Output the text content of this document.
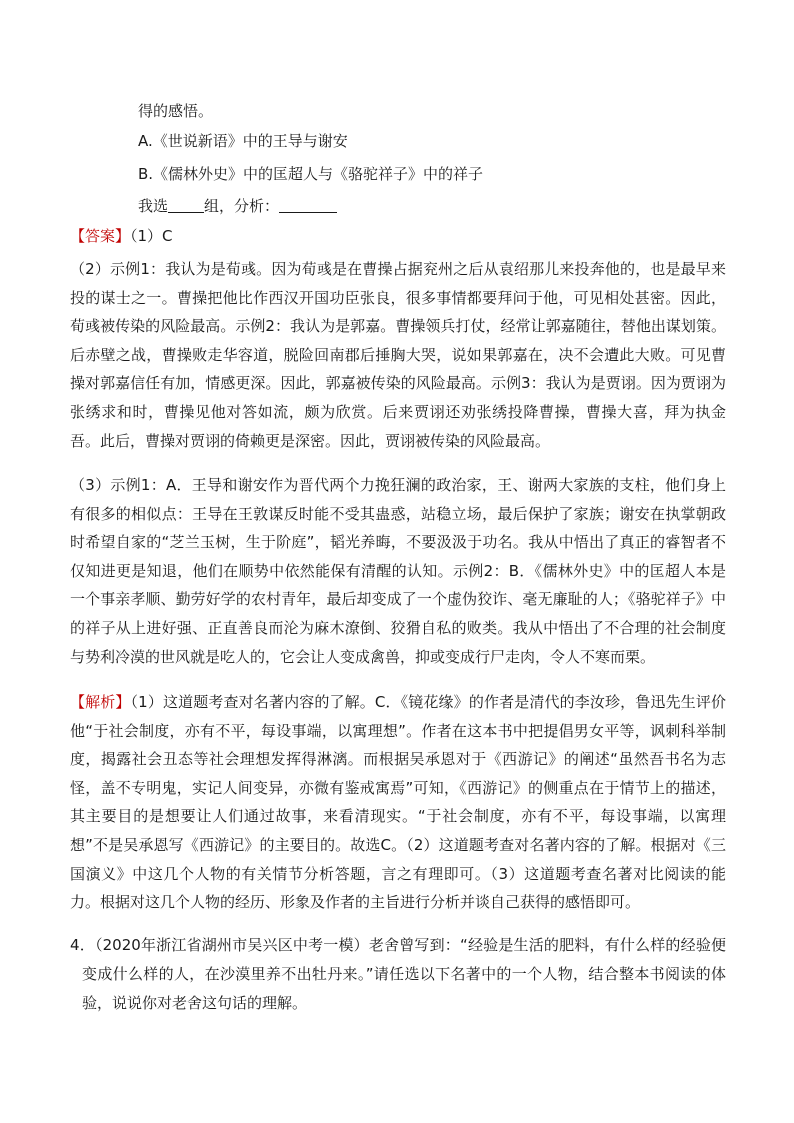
得的感悟。
A.《世说新语》中的王导与谢安
B.《儒林外史》中的匡超人与《骆驼祥子》中的祥子
我选 组，分析：
【答案】（1）C
（2）示例1：我认为是荀彧。因为荀彧是在曹操占据兖州之后从袁绍那儿来投奔他的，也是最早来投的谋士之一。曹操把他比作西汉开国功臣张良，很多事情都要拜问于他，可见相处甚密。因此，荀彧被传染的风险最高。示例2：我认为是郭嘉。曹操领兵打仗，经常让郭嘉随往，替他出谋划策。后赤壁之战，曹操败走华容道，脱险回南郡后捶胸大哭，说如果郭嘉在，决不会遭此大败。可见曹操对郭嘉信任有加，情感更深。因此，郭嘉被传染的风险最高。示例3：我认为是贾诩。因为贾诩为张绣求和时，曹操见他对答如流，颇为欣赏。后来贾诩还劝张绣投降曹操，曹操大喜，拜为执金吾。此后，曹操对贾诩的倚赖更是深密。因此，贾诩被传染的风险最高。
（3）示例1：A．王导和谢安作为晋代两个力挽狂澜的政治家，王、谢两大家族的支柱，他们身上有很多的相似点：王导在王敦谋反时能不受其蛊惑，站稳立场，最后保护了家族；谢安在执掌朝政时希望自家的“芝兰玉树，生于阶庭”，韬光养晦，不要汲汲于功名。我从中悟出了真正的睿智者不仅知进更是知退，他们在顺势中依然能保有清醒的认知。示例2：B．《儒林外史》中的匡超人本是一个事亲孝顺、勤劳好学的农村青年，最后却变成了一个虚伪狡诈、毫无廉耻的人；《骆驼祥子》中的祥子从上进好强、正直善良而沦为麻木潦倒、狡猾自私的败类。我从中悟出了不合理的社会制度与势利冷漠的世风就是吃人的，它会让人变成禽兽，抑或变成行尸走肉，令人不寒而栗。
【解析】（1）这道题考查对名著内容的了解。C．《镜花缘》的作者是清代的李汝珍，鲁迅先生评价他“于社会制度，亦有不平，每设事端，以寓理想”。作者在这本书中把提倡男女平等，讽刺科举制度，揭露社会丑态等社会理想发挥得淋漓。而根据吴承恩对于《西游记》的阐述“虽然吾书名为志怪，盖不专明鬼，实记人间变异，亦微有鉴戒寓焉”可知，《西游记》的侧重点在于情节上的描述，其主要目的是想要让人们通过故事，来看清现实。“于社会制度，亦有不平，每设事端，以寓理想”不是吴承恩写《西游记》的主要目的。故选C。（2）这道题考查对名著内容的了解。根据对《三国演义》中这几个人物的有关情节分析答题，言之有理即可。（3）这道题考查名著对比阅读的能力。根据对这几个人物的经历、形象及作者的主旨进行分析并谈自己获得的感悟即可。
4．（2020年浙江省湖州市吴兴区中考一模）老舍曾写到：“经验是生活的肥料，有什么样的经验便变成什么样的人，在沙漠里养不出牡丹来。”请任选以下名著中的一个人物，结合整本书阅读的体验，说说你对老舍这句话的理解。
